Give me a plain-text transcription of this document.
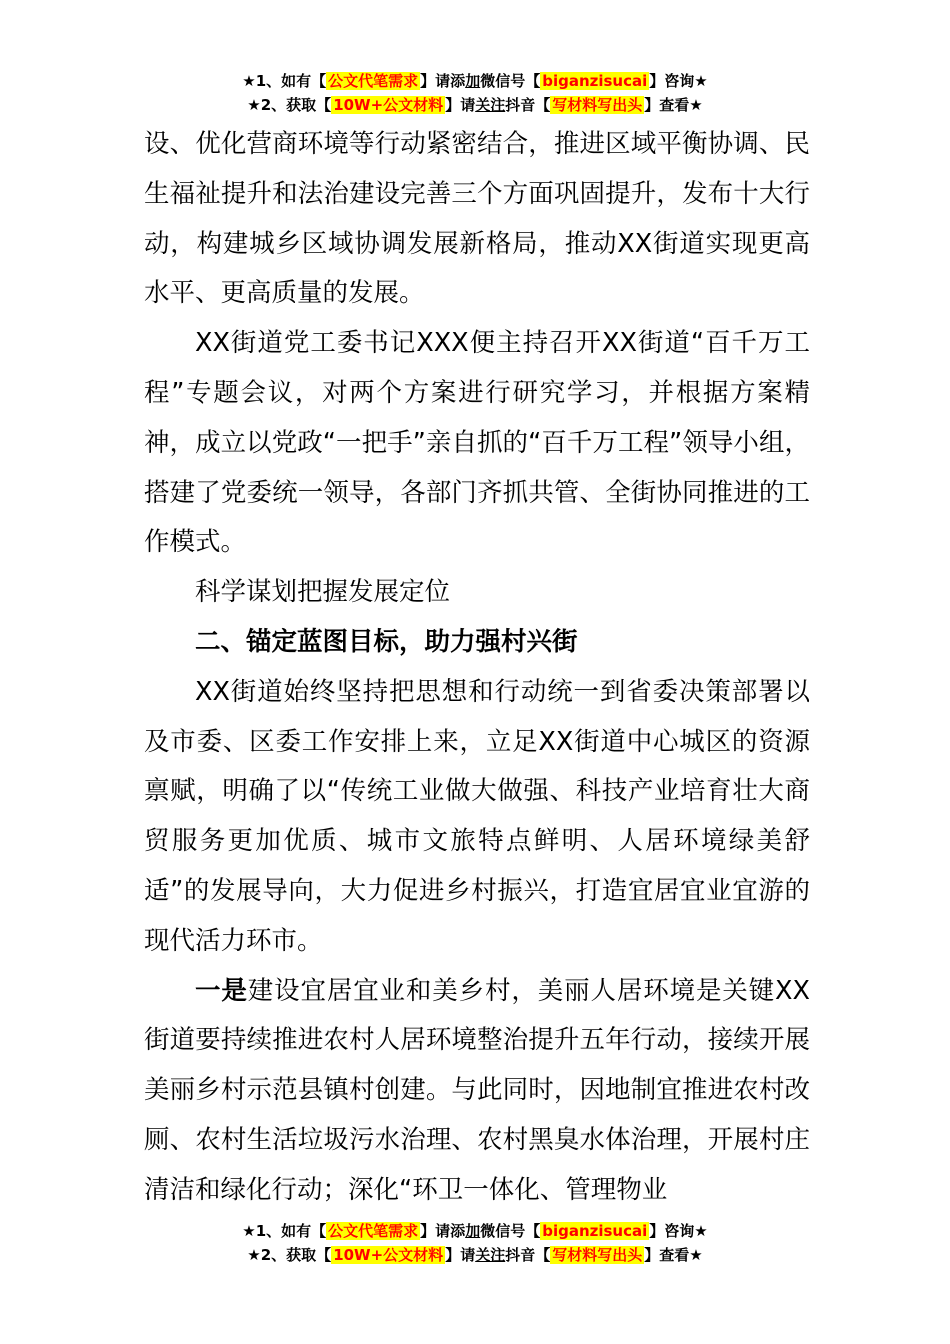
★1、如有【 公文代笔需求 】请添加微信号【 biganzisucai 】咨询★
★2、获取【 10W+公文材料 】请关注抖音【 写材料写出头 】查看★

设、优化营商环境等行动紧密结合，推进区域平衡协调、民生福祉提升和法治建设完善三个方面巩固提升，发布十大行动，构建城乡区域协调发展新格局，推动XX街道实现更高水平、更高质量的发展。

XX街道党工委书记XXX便主持召开XX街道“百千万工程”专题会议，对两个方案进行研究学习，并根据方案精神，成立以党政“一把手”亲自抓的“百千万工程”领导小组，搭建了党委统一领导，各部门齐抓共管、全街协同推进的工作模式。

科学谋划把握发展定位

二、锚定蓝图目标，助力强村兴街

XX街道始终坚持把思想和行动统一到省委决策部署以及市委、区委工作安排上来，立足XX街道中心城区的资源禀赋，明确了以“传统工业做大做强、科技产业培育壮大商贸服务更加优质、城市文旅特点鲜明、人居环境绿美舒适”的发展导向，大力促进乡村振兴，打造宜居宜业宜游的现代活力环市。

一是建设宜居宜业和美乡村，美丽人居环境是关键XX街道要持续推进农村人居环境整治提升五年行动，接续开展美丽乡村示范县镇村创建。与此同时，因地制宜推进农村改厕、农村生活垃圾污水治理、农村黑臭水体治理，开展村庄清洁和绿化行动；深化“环卫一体化、管理物业

★1、如有【 公文代笔需求 】请添加微信号【 biganzisucai 】咨询★
★2、获取【 10W+公文材料 】请关注抖音【 写材料写出头 】查看★
